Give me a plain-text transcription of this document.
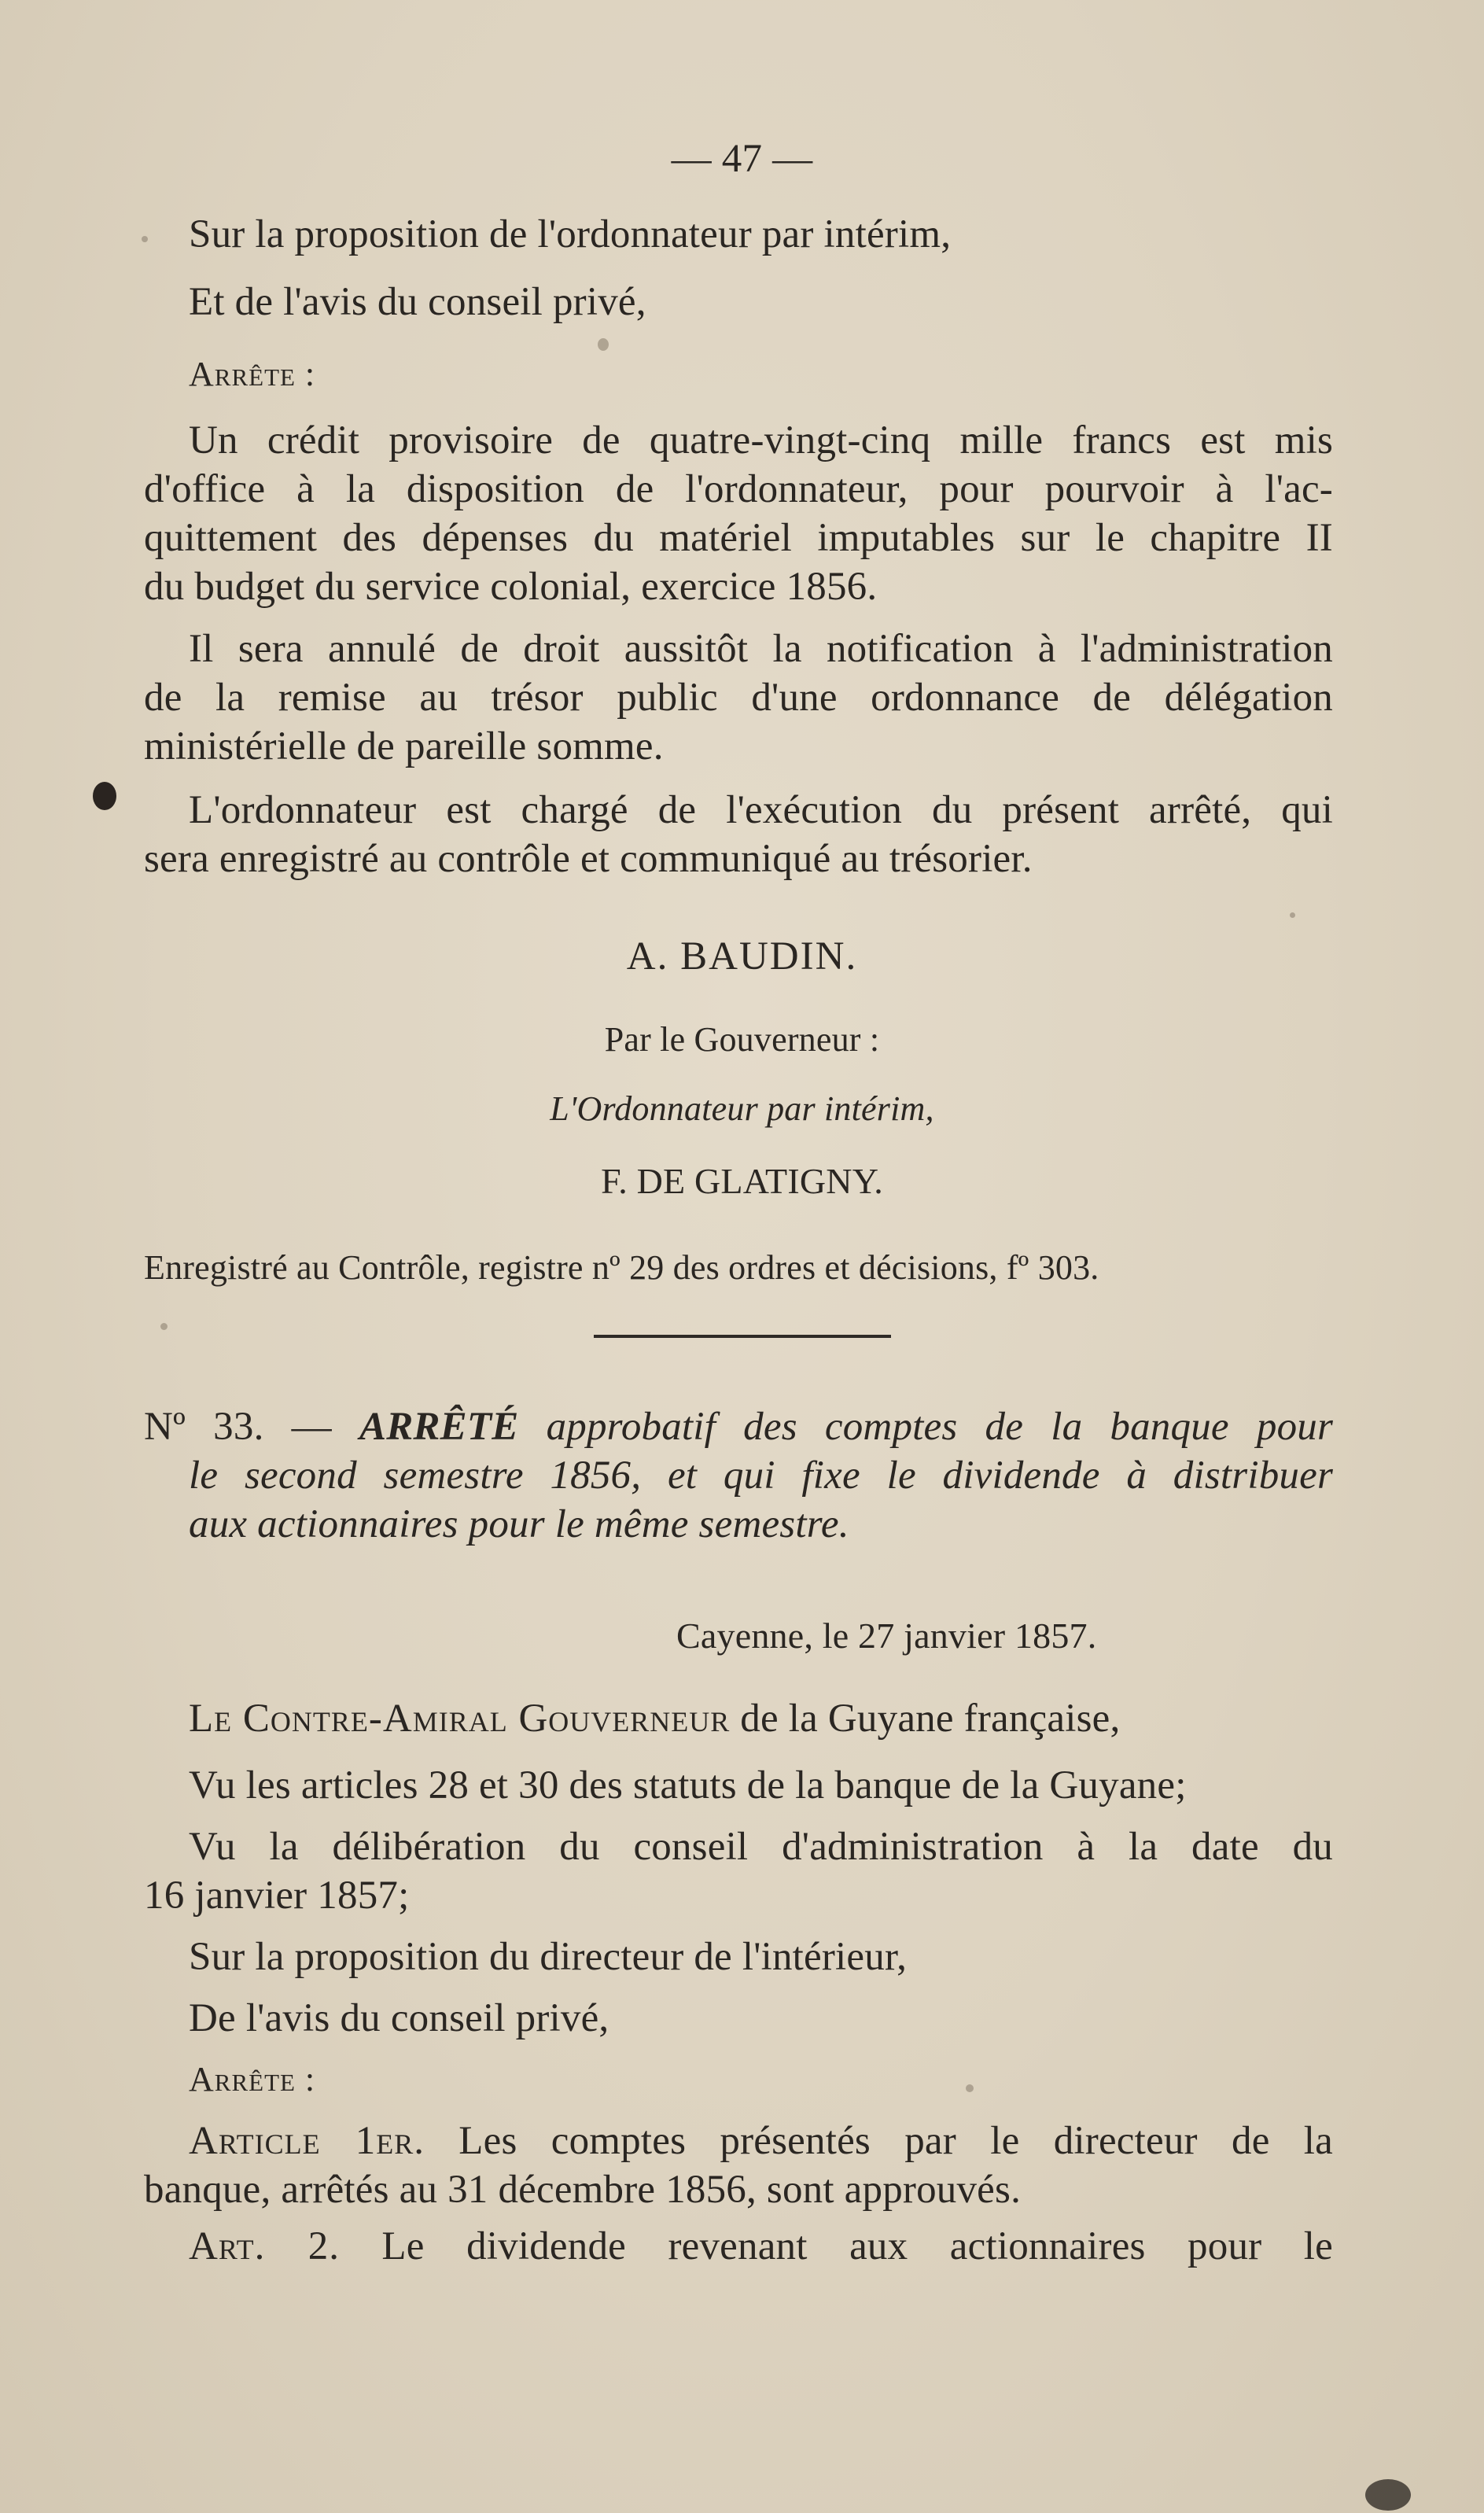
— 47 —
Sur la proposition de l'ordonnateur par intérim,
Et de l'avis du conseil privé,
Arrête :
Un crédit provisoire de quatre-vingt-cinq mille francs est mis
d'office à la disposition de l'ordonnateur, pour pourvoir à l'ac-
quittement des dépenses du matériel imputables sur le chapitre II
du budget du service colonial, exercice 1856.
Il sera annulé de droit aussitôt la notification à l'administration
de la remise au trésor public d'une ordonnance de délégation
ministérielle de pareille somme.
L'ordonnateur est chargé de l'exécution du présent arrêté, qui
sera enregistré au contrôle et communiqué au trésorier.
A. BAUDIN.
Par le Gouverneur :
L'Ordonnateur par intérim,
F. DE GLATIGNY.
Enregistré au Contrôle, registre nº 29 des ordres et décisions, fº 303.
Nº 33. — ARRÊTÉ approbatif des comptes de la banque pour
le second semestre 1856, et qui fixe le dividende à distribuer
aux actionnaires pour le même semestre.
Cayenne, le 27 janvier 1857.
Le Contre-Amiral Gouverneur de la Guyane française,
Vu les articles 28 et 30 des statuts de la banque de la Guyane;
Vu la délibération du conseil d'administration à la date du
16 janvier 1857;
Sur la proposition du directeur de l'intérieur,
De l'avis du conseil privé,
Arrête :
Article 1er. Les comptes présentés par le directeur de la
banque, arrêtés au 31 décembre 1856, sont approuvés.
Art. 2. Le dividende revenant aux actionnaires pour le
